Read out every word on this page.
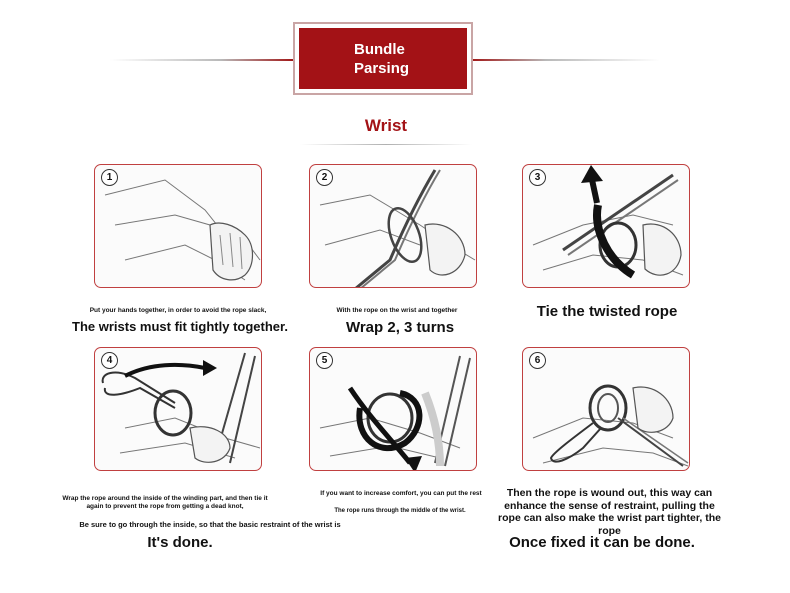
Bundle
Parsing
Wrist
1
Put your hands together, in order to avoid the rope slack,
The wrists must fit tightly together.
2
With the rope on the wrist and together
Wrap 2, 3 turns
3
Tie the twisted rope
4
Wrap the rope around the inside of the winding part, and then tie it
again to prevent the rope from getting a dead knot,
Be sure to go through the inside, so that the basic restraint of the wrist is
It's done.
5
If you want to increase comfort, you can put the rest
The rope runs through the middle of the wrist.
6
Then the rope is wound out, this way can enhance the sense of restraint, pulling the rope can also make the wrist part tighter, the rope
Once fixed it can be done.
